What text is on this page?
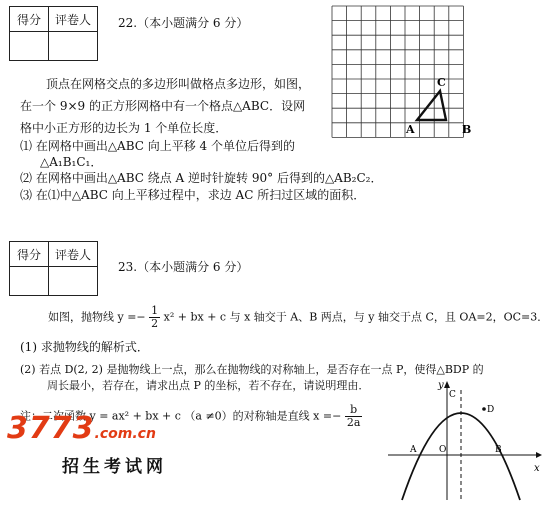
得分	评卷人
	22.（本小题满分 6 分）
顶点在网格交点的多边形叫做格点多边形，如图，
在一个 9×9 的正方形网格中有一个格点△ABC．设网
格中小正方形的边长为 1 个单位长度．
⑴ 在网格中画出△ABC 向上平移 4 个单位后得到的
△A₁B₁C₁．
⑵ 在网格中画出△ABC 绕点 A 逆时针旋转 90° 后得到的△AB₂C₂．
⑶ 在⑴中△ABC 向上平移过程中，求边 AC 所扫过区域的面积．
A	B
C
得分	评卷人

23.（本小题满分 6 分）
如图，抛物线 $y =- \frac{1}{2} x^2$ + bx + c 与 x 轴交于 A、B 两点，与 y 轴交于点 C，且 OA=2，OC=3．
(1) 求抛物线的解析式．
(2) 若点 D(2, 2) 是抛物线上一点，那么在抛物线的对称轴上，是否存在一点 P，使得△BDP 的
周长最小，若存在，请求出点 P 的坐标，若不存在，请说明理由．
注：二次函数 y = ax² + bx + c （a ≠0）的对称轴是直线 $x =- \frac{b}{2a}$
y
x
C
D
A	O	B
3773.com.cn
招生考试网
